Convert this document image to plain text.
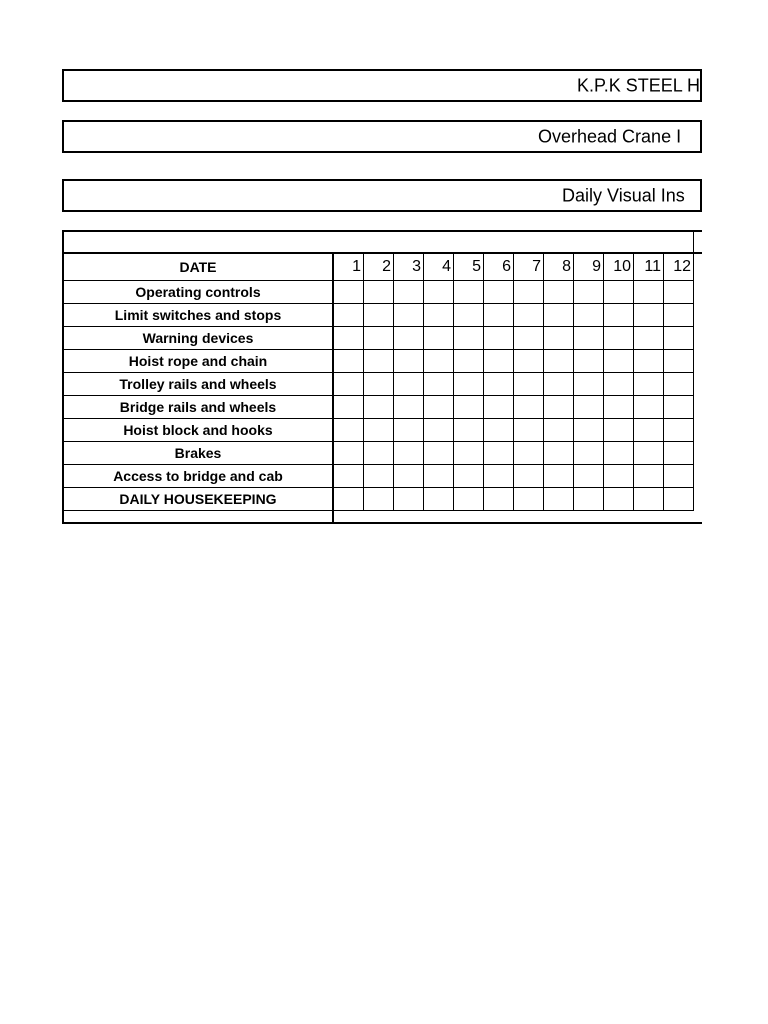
K.P.K STEEL H
Overhead Crane I
Daily Visual Ins

DATE	1	2	3	4	5	6	7	8	9	10	11	12
Operating controls												
Limit switches and stops												
Warning devices												
Hoist rope and chain												
Trolley rails and wheels												
Bridge rails and wheels												
Hoist block and hooks												
Brakes												
Access to bridge and cab												
DAILY HOUSEKEEPING												
